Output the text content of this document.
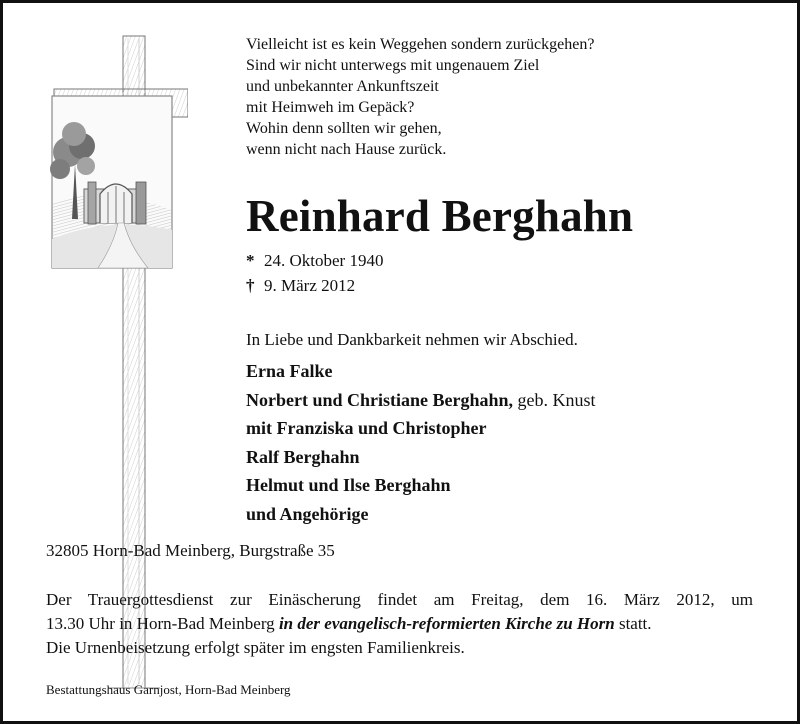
Vielleicht ist es kein Weggehen sondern zurückgehen?
Sind wir nicht unterwegs mit ungenauem Ziel
und unbekannter Ankunftszeit
mit Heimweh im Gepäck?
Wohin denn sollten wir gehen,
wenn nicht nach Hause zurück.
Reinhard Berghahn
* 24. Oktober 1940
† 9. März 2012
In Liebe und Dankbarkeit nehmen wir Abschied.
Erna Falke
Norbert und Christiane Berghahn, geb. Knust
mit Franziska und Christopher
Ralf Berghahn
Helmut und Ilse Berghahn
und Angehörige
32805 Horn-Bad Meinberg, Burgstraße 35
Der Trauergottesdienst zur Einäscherung findet am Freitag, dem 16. März 2012, um
13.30 Uhr in Horn-Bad Meinberg in der evangelisch-reformierten Kirche zu Horn statt.
Die Urnenbeisetzung erfolgt später im engsten Familienkreis.
Bestattungshaus Garnjost, Horn-Bad Meinberg
